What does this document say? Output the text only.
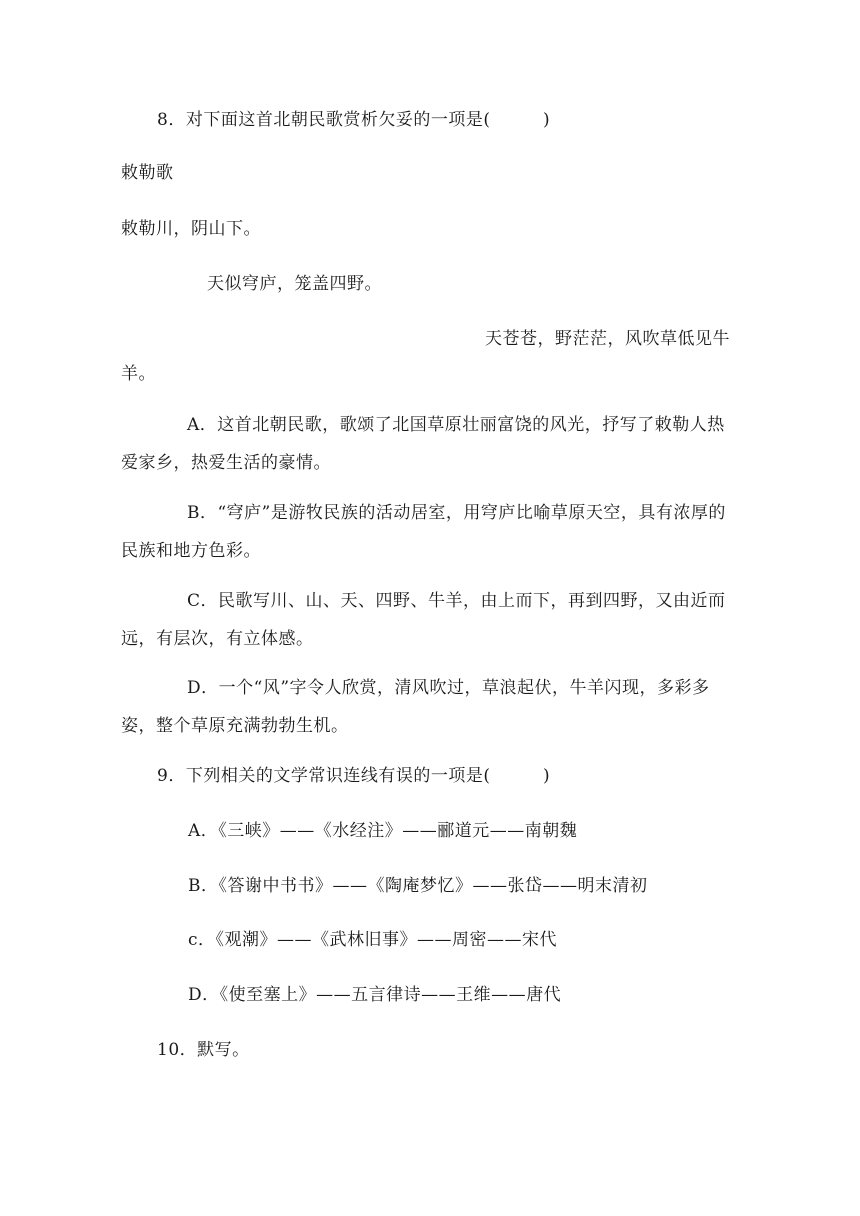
8．对下面这首北朝民歌赏析欠妥的一项是(　　　)
敕勒歌
敕勒川，阴山下。
天似穹庐，笼盖四野。
天苍苍，野茫茫，风吹草低见牛
羊。
A．这首北朝民歌，歌颂了北国草原壮丽富饶的风光，抒写了敕勒人热爱家乡，热爱生活的豪情。
B．“穹庐”是游牧民族的活动居室，用穹庐比喻草原天空，具有浓厚的民族和地方色彩。
C．民歌写川、山、天、四野、牛羊，由上而下，再到四野，又由近而远，有层次，有立体感。
D．一个“风”字令人欣赏，清风吹过，草浪起伏，牛羊闪现，多彩多姿，整个草原充满勃勃生机。
9．下列相关的文学常识连线有误的一项是(　　　)
A．《三峡》——《水经注》——郦道元——南朝魏
B．《答谢中书书》——《陶庵梦忆》——张岱——明末清初
c．《观潮》——《武林旧事》——周密——宋代
D．《使至塞上》——五言律诗——王维——唐代
10．默写。
